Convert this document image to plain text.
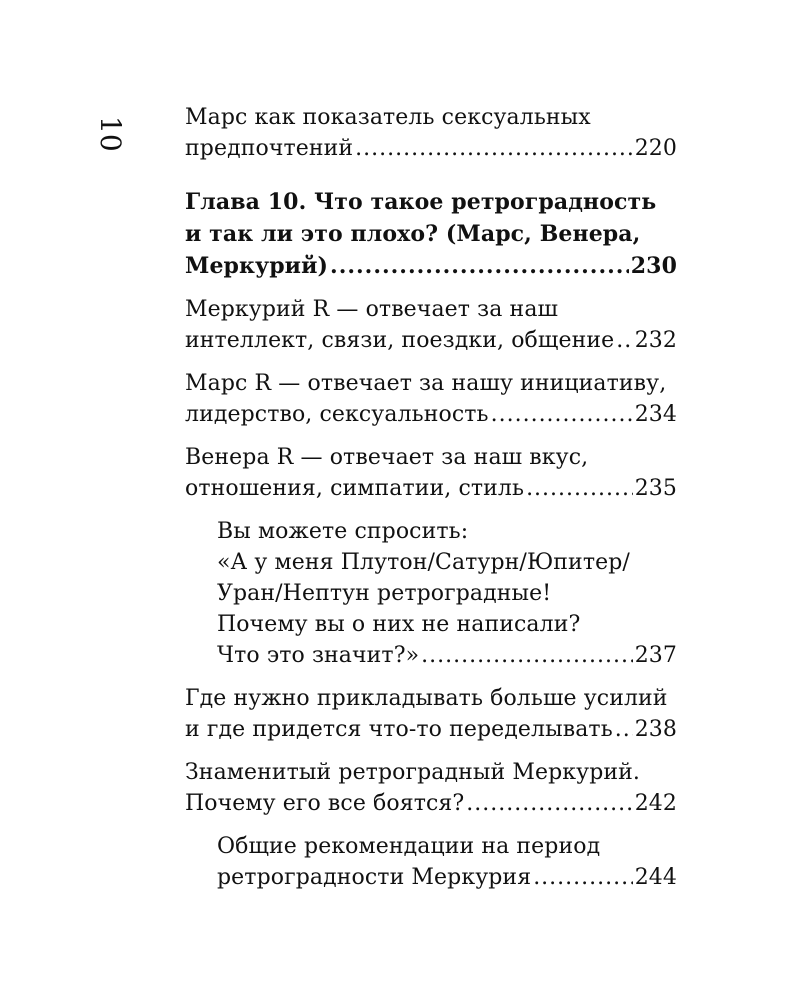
10	Марс как показатель сексуальных
предпочтений .....	220
Глава 10. Что такое ретроградность
и так ли это плохо? (Марс, Венера,
Меркурий) .....	230
Меркурий R — отвечает за наш
интеллект, связи, поездки, общение ..... 232
Марс R — отвечает за нашу инициативу,
лидерство, сексуальность .....	234
Венера R — отвечает за наш вкус,
отношения, симпатии, стиль .....	235
Вы можете спросить:
«А у меня Плутон/Сатурн/Юпитер/
Уран/Нептун ретроградные!
Почему вы о них не написали?
Что это значит?» .....	237
Где нужно прикладывать больше усилий
и где придется что-то переделывать ..... 238
Знаменитый ретроградный Меркурий.
Почему его все боятся? .....	242
Общие рекомендации на период
ретроградности Меркурия .....	244
